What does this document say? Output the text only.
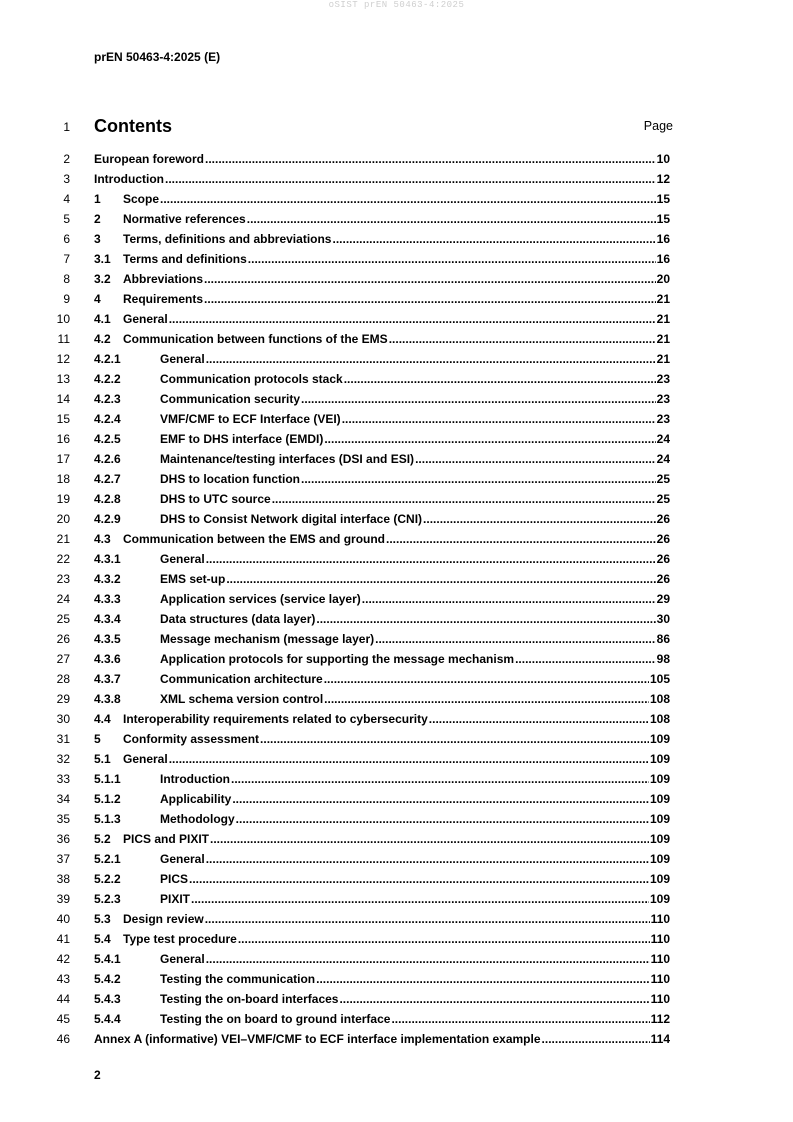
oSIST prEN 50463-4:2025
prEN 50463-4:2025 (E)
1 Contents	Page
2 European foreword .....	10
3 Introduction .....	12
4 1	Scope .....	15
5 2	Normative references .....	15
6 3	Terms, definitions and abbreviations .....	16
7 3.1	Terms and definitions .....	16
8 3.2	Abbreviations .....	20
9 4	Requirements .....	21
10 4.1	General .....	21
11 4.2	Communication between functions of the EMS .....	21
12 4.2.1	General .....	21
13 4.2.2	Communication protocols stack .....	23
14 4.2.3	Communication security .....	23
15 4.2.4	VMF/CMF to ECF Interface (VEI) .....	23
16 4.2.5	EMF to DHS interface (EMDI) .....	24
17 4.2.6	Maintenance/testing interfaces (DSI and ESI) .....	24
18 4.2.7	DHS to location function .....	25
19 4.2.8	DHS to UTC source .....	25
20 4.2.9	DHS to Consist Network digital interface (CNI) .....	26
21 4.3	Communication between the EMS and ground .....	26
22 4.3.1	General .....	26
23 4.3.2	EMS set-up .....	26
24 4.3.3	Application services (service layer) .....	29
25 4.3.4	Data structures (data layer) .....	30
26 4.3.5	Message mechanism (message layer) .....	86
27 4.3.6	Application protocols for supporting the message mechanism .....	98
28 4.3.7	Communication architecture .....	105
29 4.3.8	XML schema version control .....	108
30 4.4	Interoperability requirements related to cybersecurity .....	108
31 5	Conformity assessment .....	109
32 5.1	General .....	109
33 5.1.1	Introduction .....	109
34 5.1.2	Applicability .....	109
35 5.1.3	Methodology .....	109
36 5.2	PICS and PIXIT .....	109
37 5.2.1	General .....	109
38 5.2.2	PICS .....	109
39 5.2.3	PIXIT .....	109
40 5.3	Design review .....	110
41 5.4	Type test procedure .....	110
42 5.4.1	General .....	110
43 5.4.2	Testing the communication .....	110
44 5.4.3	Testing the on-board interfaces .....	110
45 5.4.4	Testing the on board to ground interface .....	112
46 Annex A (informative) VEI–VMF/CMF to ECF interface implementation example .....	114
2
